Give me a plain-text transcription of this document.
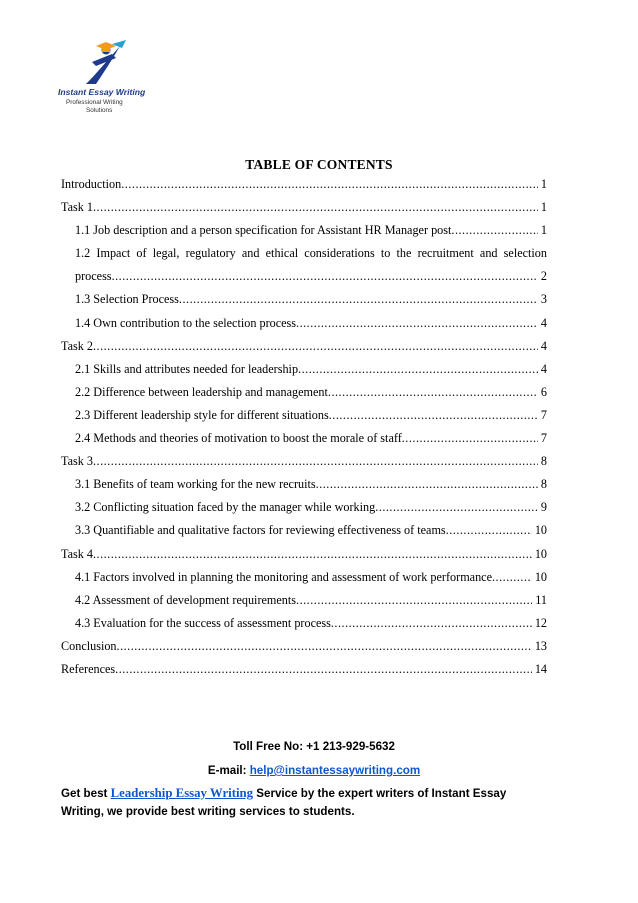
Instant Essay Writing
Professional Writing
Solutions
TABLE OF CONTENTS
Introduction .....	1
Task 1 .....	1
1.1 Job description and a person specification for Assistant HR Manager post .....	1
1.2 Impact of legal, regulatory and ethical considerations to the recruitment and selection
process .....	2
1.3 Selection Process .....	3
1.4 Own contribution to the selection process .....	4
Task 2 .....	4
2.1 Skills and attributes needed for leadership .....	4
2.2 Difference between leadership and management .....	6
2.3 Different leadership style for different situations .....	7
2.4 Methods and theories of motivation to boost the morale of staff .....	7
Task 3 .....	8
3.1 Benefits of team working for the new recruits .....	8
3.2 Conflicting situation faced by the manager while working .....	9
3.3 Quantifiable and qualitative factors for reviewing effectiveness of teams .....	10
Task 4 .....	10
4.1 Factors involved in planning the monitoring and assessment of work performance .....	10
4.2 Assessment of development requirements .....	11
4.3 Evaluation for the success of assessment process .....	12
Conclusion .....	13
References .....	14
Toll Free No: +1 213-929-5632
E-mail: help@instantessaywriting.com
Get best Leadership Essay Writing Service by the expert writers of Instant Essay Writing, we provide best writing services to students.
